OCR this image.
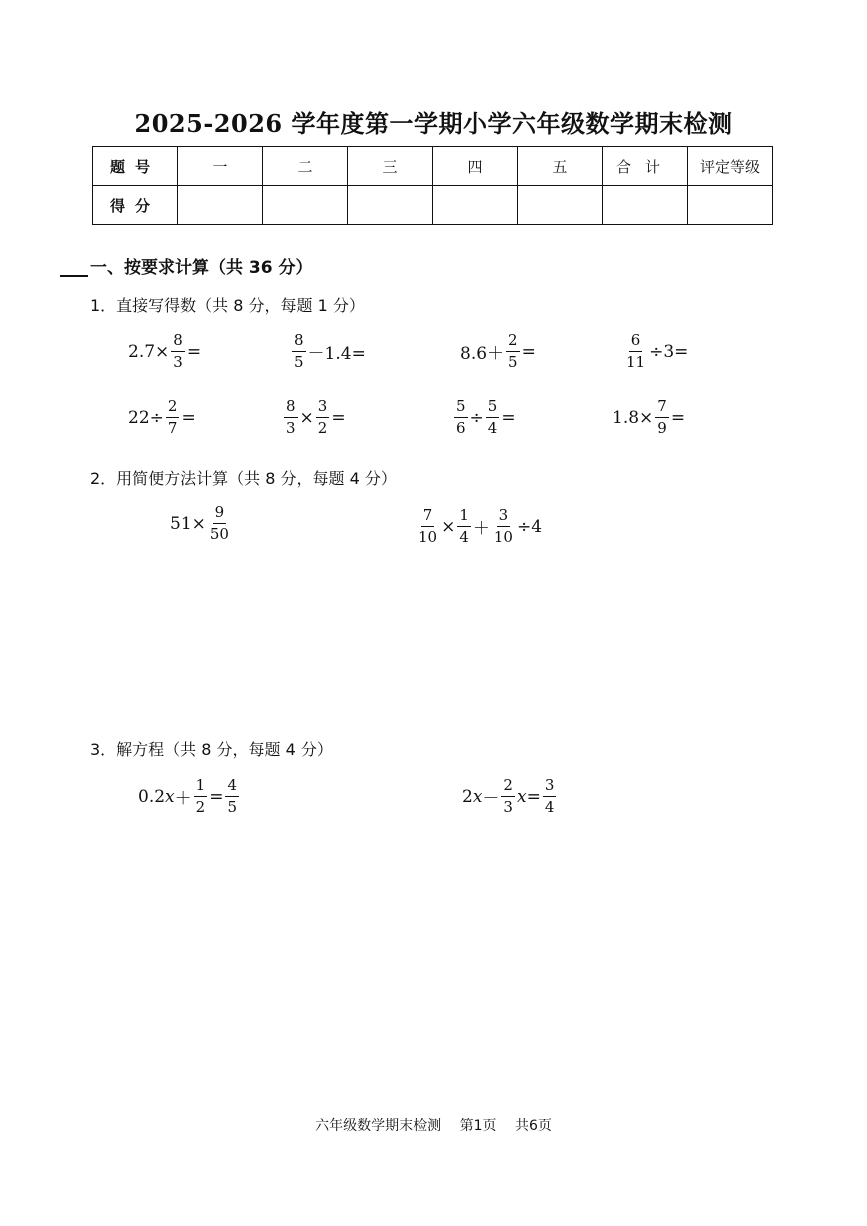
2025-2026 学年度第一学期小学六年级数学期末检测
题号	一	二	三	四	五	合计	评定等级
得分							
一、按要求计算（共 36 分）
1．直接写得数（共 8 分，每题 1 分）
$2.7\times \frac{8}{3}$ =	$\frac{8}{5} -1.4=$	$8.6+ \frac{2}{5}$ =	$\frac{6}{11} \div 3=$
$22\div \frac{2}{7}$ =	$\frac{8}{3} \times \frac{3}{2}$ =	$\frac{5}{6} \div \frac{5}{4}$ =	$1.8\times \frac{7}{9}$ =
2．用简便方法计算（共 8 分，每题 4 分）
$51\times \frac{9}{50}$	$\frac{7}{10} \times \frac{1}{4} + \frac{3}{10} \div 4$
3．解方程（共 8 分，每题 4 分）
0.2 $x + \frac{1}{2} = \frac{4}{5}$	2 $x - \frac{2}{3}$ $x = \frac{3}{4}$
六年级数学期末检测　 第1页　 共6页
